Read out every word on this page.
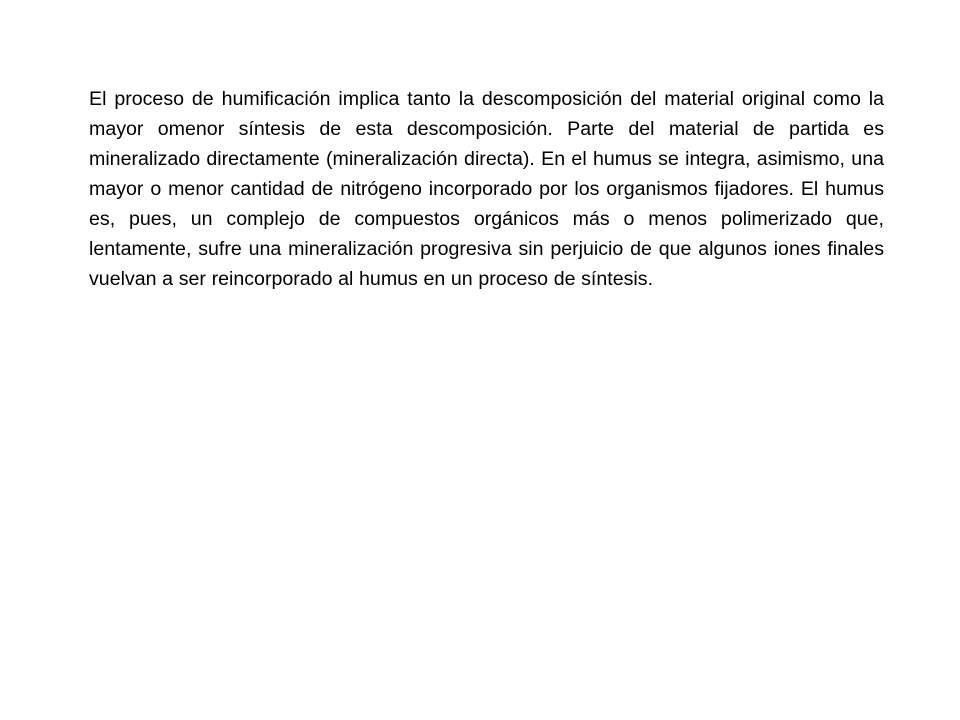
El proceso de humificación implica tanto la descomposición del material original como la mayor omenor síntesis de esta descomposición. Parte del material de partida es mineralizado directamente (mineralización directa). En el humus se integra, asimismo, una mayor o menor cantidad de nitrógeno incorporado por los organismos fijadores. El humus es, pues, un complejo de compuestos orgánicos más o menos polimerizado que, lentamente, sufre una mineralización progresiva sin perjuicio de que algunos iones finales vuelvan a ser reincorporado al humus en un proceso de síntesis.
